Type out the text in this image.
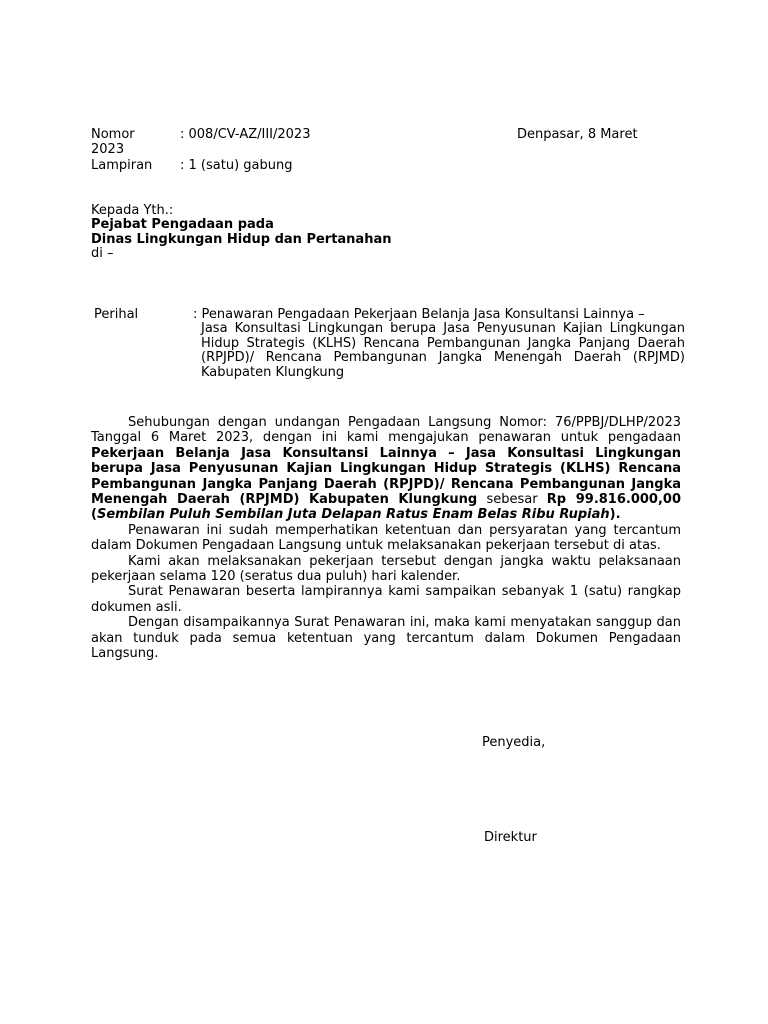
Nomor	: 008/CV-AZ/III/2023	Denpasar, 8 Maret
2023
Lampiran : 1 (satu) gabung
Kepada Yth.:
Pejabat Pengadaan pada
Dinas Lingkungan Hidup dan Pertanahan
di –
Perihal	: Penawaran Pengadaan Pekerjaan Belanja Jasa Konsultansi Lainnya –
Jasa Konsultasi Lingkungan berupa Jasa Penyusunan Kajian Lingkungan Hidup Strategis (KLHS) Rencana Pembangunan Jangka Panjang Daerah (RPJPD)/ Rencana Pembangunan Jangka Menengah Daerah (RPJMD) Kabupaten Klungkung

Sehubungan dengan undangan Pengadaan Langsung Nomor: 76/PPBJ/DLHP/2023 Tanggal 6 Maret 2023, dengan ini kami mengajukan penawaran untuk pengadaan Pekerjaan Belanja Jasa Konsultansi Lainnya – Jasa Konsultasi Lingkungan berupa Jasa Penyusunan Kajian Lingkungan Hidup Strategis (KLHS) Rencana Pembangunan Jangka Panjang Daerah (RPJPD)/ Rencana Pembangunan Jangka Menengah Daerah (RPJMD) Kabupaten Klungkung sebesar Rp 99.816.000,00 (Sembilan Puluh Sembilan Juta Delapan Ratus Enam Belas Ribu Rupiah).

Penawaran ini sudah memperhatikan ketentuan dan persyaratan yang tercantum dalam Dokumen Pengadaan Langsung untuk melaksanakan pekerjaan tersebut di atas.

Kami akan melaksanakan pekerjaan tersebut dengan jangka waktu pelaksanaan pekerjaan selama 120 (seratus dua puluh) hari kalender.

Surat Penawaran beserta lampirannya kami sampaikan sebanyak 1 (satu) rangkap dokumen asli.

Dengan disampaikannya Surat Penawaran ini, maka kami menyatakan sanggup dan akan tunduk pada semua ketentuan yang tercantum dalam Dokumen Pengadaan Langsung.

Penyedia,
Direktur
